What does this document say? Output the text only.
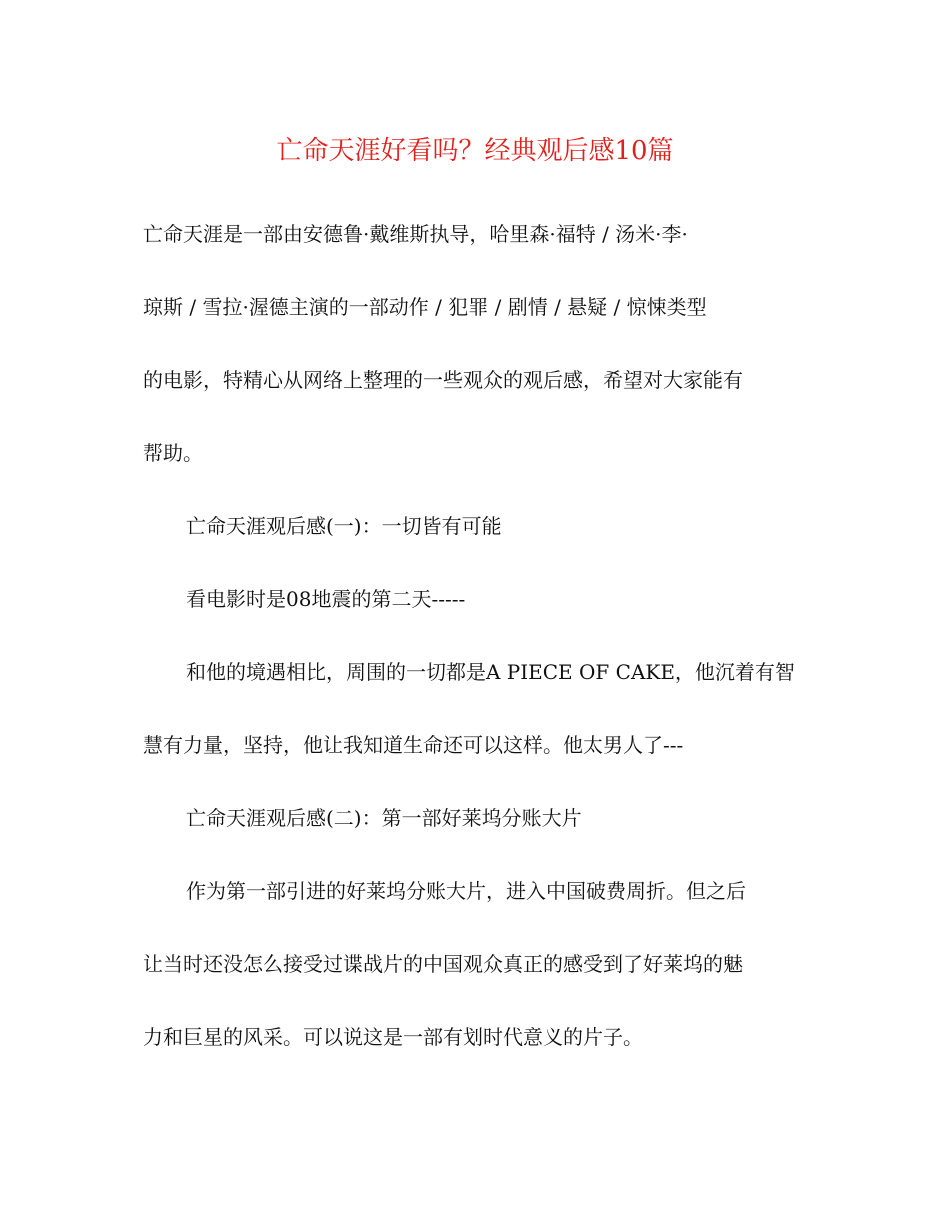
亡命天涯好看吗？经典观后感10篇
亡命天涯是一部由安德鲁·戴维斯执导，哈里森·福特 / 汤米·李·
琼斯 / 雪拉·渥德主演的一部动作 / 犯罪 / 剧情 / 悬疑 / 惊悚类型
的电影，特精心从网络上整理的一些观众的观后感，希望对大家能有
帮助。
亡命天涯观后感(一)：一切皆有可能
看电影时是08地震的第二天-----
和他的境遇相比，周围的一切都是A PIECE OF CAKE，他沉着有智
慧有力量，坚持，他让我知道生命还可以这样。他太男人了---
亡命天涯观后感(二)：第一部好莱坞分账大片
作为第一部引进的好莱坞分账大片，进入中国破费周折。但之后
让当时还没怎么接受过谍战片的中国观众真正的感受到了好莱坞的魅
力和巨星的风采。可以说这是一部有划时代意义的片子。
